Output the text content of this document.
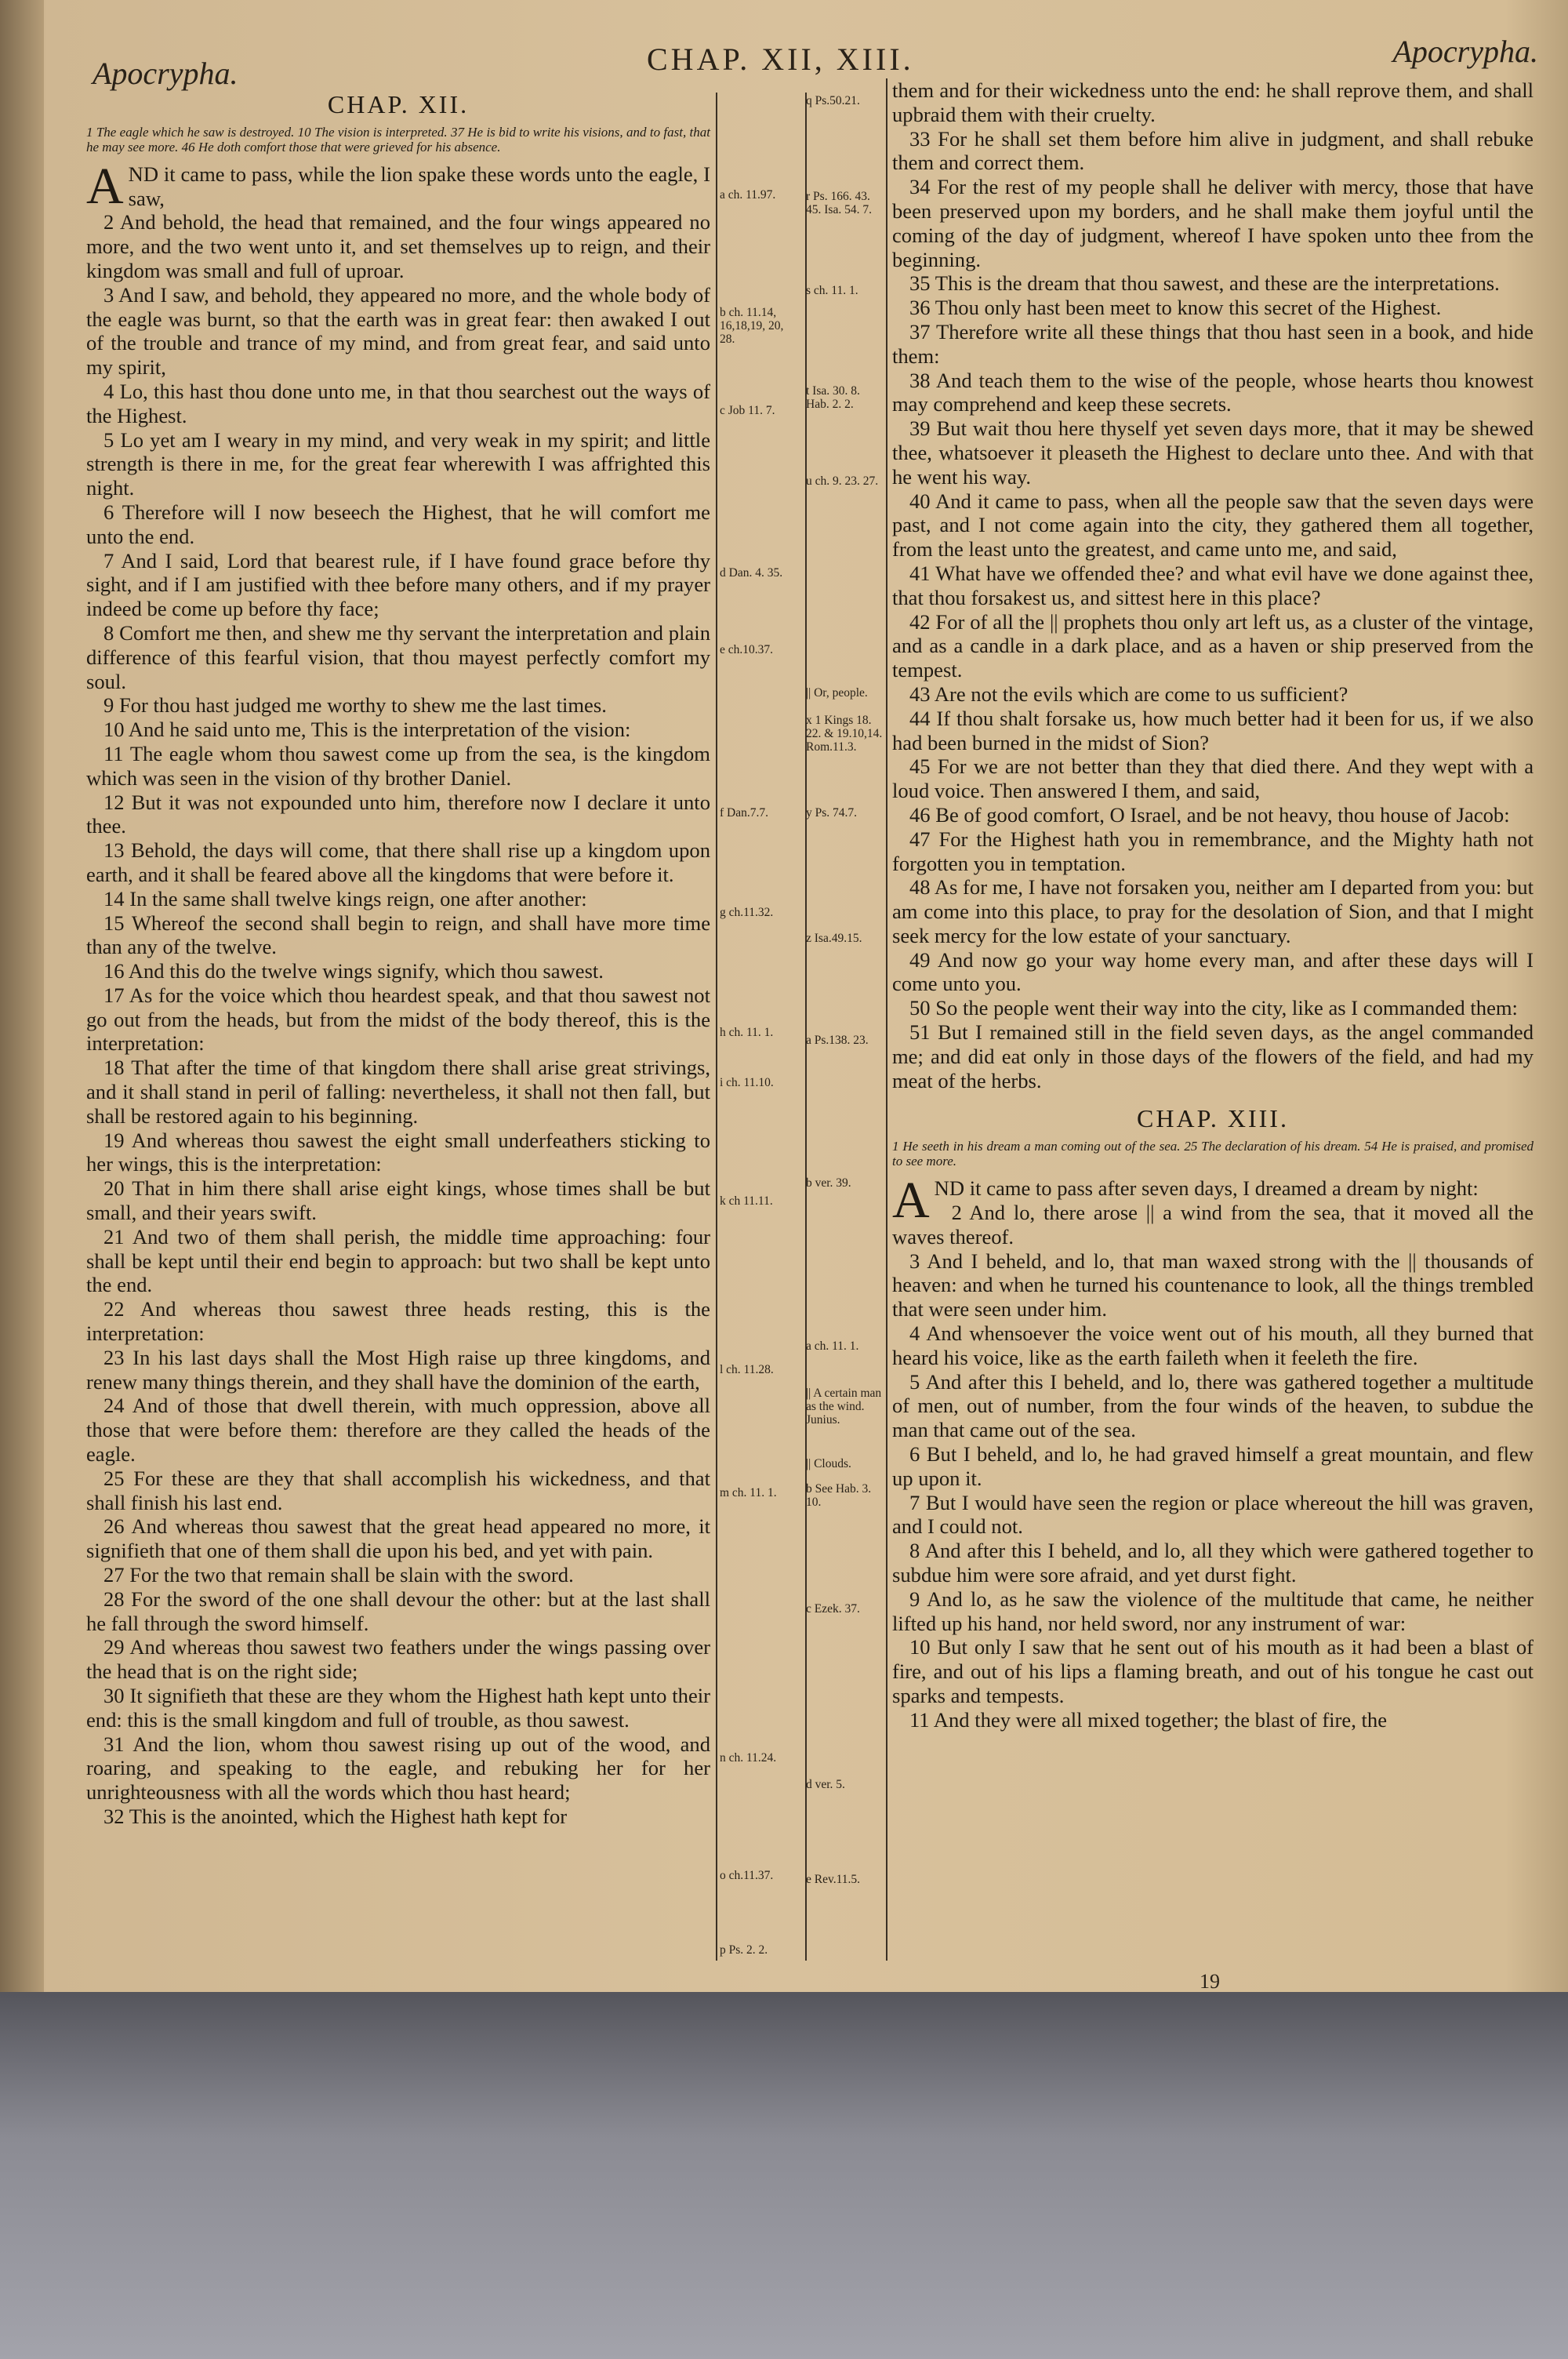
Apocrypha.	CHAP. XII, XIII.	Apocrypha.
CHAP. XII.
1 The eagle which he saw is destroyed. 10 The vision is interpreted. 37 He is bid to write his visions, and to fast, that he may see more. 46 He doth comfort those that were grieved for his absence.

AND it came to pass, while the lion spake these words unto the eagle, I saw,

2 And behold, the head that remained, and the four wings appeared no more, and the two went unto it, and set themselves up to reign, and their kingdom was small and full of uproar.

3 And I saw, and behold, they appeared no more, and the whole body of the eagle was burnt, so that the earth was in great fear: then awaked I out of the trouble and trance of my mind, and from great fear, and said unto my spirit,

4 Lo, this hast thou done unto me, in that thou searchest out the ways of the Highest.

5 Lo yet am I weary in my mind, and very weak in my spirit; and little strength is there in me, for the great fear wherewith I was affrighted this night.

6 Therefore will I now beseech the Highest, that he will comfort me unto the end.

7 And I said, Lord that bearest rule, if I have found grace before thy sight, and if I am justified with thee before many others, and if my prayer indeed be come up before thy face;

8 Comfort me then, and shew me thy servant the interpretation and plain difference of this fearful vision, that thou mayest perfectly comfort my soul.

9 For thou hast judged me worthy to shew me the last times.

10 And he said unto me, This is the interpretation of the vision:

11 The eagle whom thou sawest come up from the sea, is the kingdom which was seen in the vision of thy brother Daniel.

12 But it was not expounded unto him, therefore now I declare it unto thee.

13 Behold, the days will come, that there shall rise up a kingdom upon earth, and it shall be feared above all the kingdoms that were before it.

14 In the same shall twelve kings reign, one after another:

15 Whereof the second shall begin to reign, and shall have more time than any of the twelve.

16 And this do the twelve wings signify, which thou sawest.

17 As for the voice which thou heardest speak, and that thou sawest not go out from the heads, but from the midst of the body thereof, this is the interpretation:

18 That after the time of that kingdom there shall arise great strivings, and it shall stand in peril of falling: nevertheless, it shall not then fall, but shall be restored again to his beginning.

19 And whereas thou sawest the eight small underfeathers sticking to her wings, this is the interpretation:

20 That in him there shall arise eight kings, whose times shall be but small, and their years swift.

21 And two of them shall perish, the middle time approaching: four shall be kept until their end begin to approach: but two shall be kept unto the end.

22 And whereas thou sawest three heads resting, this is the interpretation:

23 In his last days shall the Most High raise up three kingdoms, and renew many things therein, and they shall have the dominion of the earth,

24 And of those that dwell therein, with much oppression, above all those that were before them: therefore are they called the heads of the eagle.

25 For these are they that shall accomplish his wickedness, and that shall finish his last end.

26 And whereas thou sawest that the great head appeared no more, it signifieth that one of them shall die upon his bed, and yet with pain.

27 For the two that remain shall be slain with the sword.

28 For the sword of the one shall devour the other: but at the last shall he fall through the sword himself.

29 And whereas thou sawest two feathers under the wings passing over the head that is on the right side;

30 It signifieth that these are they whom the Highest hath kept unto their end: this is the small kingdom and full of trouble, as thou sawest.

31 And the lion, whom thou sawest rising up out of the wood, and roaring, and speaking to the eagle, and rebuking her for her unrighteousness with all the words which thou hast heard;

32 This is the anointed, which the Highest hath kept for

a ch. 11.97.
b ch. 11.14, 16,18,19, 20, 28.
c Job 11. 7.
d Dan. 4. 35.
e ch.10.37.
f Dan.7.7.
g ch.11.32.
h ch. 11. 1.
i ch. 11.10.
k ch 11.11.
l ch. 11.28.
m ch. 11. 1.
n ch. 11.24.
o ch.11.37.
p Ps. 2. 2.
q Ps.50.21.
r Ps. 166. 43. 45. Isa. 54. 7.
s ch. 11. 1.
t Isa. 30. 8. Hab. 2. 2.
u ch. 9. 23. 27.
|| Or, people.
x 1 Kings 18. 22. & 19.10,14. Rom.11.3.
y Ps. 74.7.
z Isa.49.15.
a Ps.138. 23.
b ver. 39.
a ch. 11. 1.
|| A certain man as the wind. Junius.
|| Clouds.
b See Hab. 3. 10.
c Ezek. 37.
d ver. 5.
e Rev.11.5.

them and for their wickedness unto the end: he shall reprove them, and shall upbraid them with their cruelty.

33 For he shall set them before him alive in judgment, and shall rebuke them and correct them.

34 For the rest of my people shall he deliver with mercy, those that have been preserved upon my borders, and he shall make them joyful until the coming of the day of judgment, whereof I have spoken unto thee from the beginning.

35 This is the dream that thou sawest, and these are the interpretations.

36 Thou only hast been meet to know this secret of the Highest.

37 Therefore write all these things that thou hast seen in a book, and hide them:

38 And teach them to the wise of the people, whose hearts thou knowest may comprehend and keep these secrets.

39 But wait thou here thyself yet seven days more, that it may be shewed thee, whatsoever it pleaseth the Highest to declare unto thee. And with that he went his way.

40 And it came to pass, when all the people saw that the seven days were past, and I not come again into the city, they gathered them all together, from the least unto the greatest, and came unto me, and said,

41 What have we offended thee? and what evil have we done against thee, that thou forsakest us, and sittest here in this place?

42 For of all the || prophets thou only art left us, as a cluster of the vintage, and as a candle in a dark place, and as a haven or ship preserved from the tempest.

43 Are not the evils which are come to us sufficient?

44 If thou shalt forsake us, how much better had it been for us, if we also had been burned in the midst of Sion?

45 For we are not better than they that died there. And they wept with a loud voice. Then answered I them, and said,

46 Be of good comfort, O Israel, and be not heavy, thou house of Jacob:

47 For the Highest hath you in remembrance, and the Mighty hath not forgotten you in temptation.

48 As for me, I have not forsaken you, neither am I departed from you: but am come into this place, to pray for the desolation of Sion, and that I might seek mercy for the low estate of your sanctuary.

49 And now go your way home every man, and after these days will I come unto you.

50 So the people went their way into the city, like as I commanded them:

51 But I remained still in the field seven days, as the angel commanded me; and did eat only in those days of the flowers of the field, and had my meat of the herbs.

CHAP. XIII.
1 He seeth in his dream a man coming out of the sea. 25 The declaration of his dream. 54 He is praised, and promised to see more.

AND it came to pass after seven days, I dreamed a dream by night:

2 And lo, there arose || a wind from the sea, that it moved all the waves thereof.

3 And I beheld, and lo, that man waxed strong with the || thousands of heaven: and when he turned his countenance to look, all the things trembled that were seen under him.

4 And whensoever the voice went out of his mouth, all they burned that heard his voice, like as the earth faileth when it feeleth the fire.

5 And after this I beheld, and lo, there was gathered together a multitude of men, out of number, from the four winds of the heaven, to subdue the man that came out of the sea.

6 But I beheld, and lo, he had graved himself a great mountain, and flew up upon it.

7 But I would have seen the region or place whereout the hill was graven, and I could not.

8 And after this I beheld, and lo, all they which were gathered together to subdue him were sore afraid, and yet durst fight.

9 And lo, as he saw the violence of the multitude that came, he neither lifted up his hand, nor held sword, nor any instrument of war:

10 But only I saw that he sent out of his mouth as it had been a blast of fire, and out of his lips a flaming breath, and out of his tongue he cast out sparks and tempests.

11 And they were all mixed together; the blast of fire, the

19
